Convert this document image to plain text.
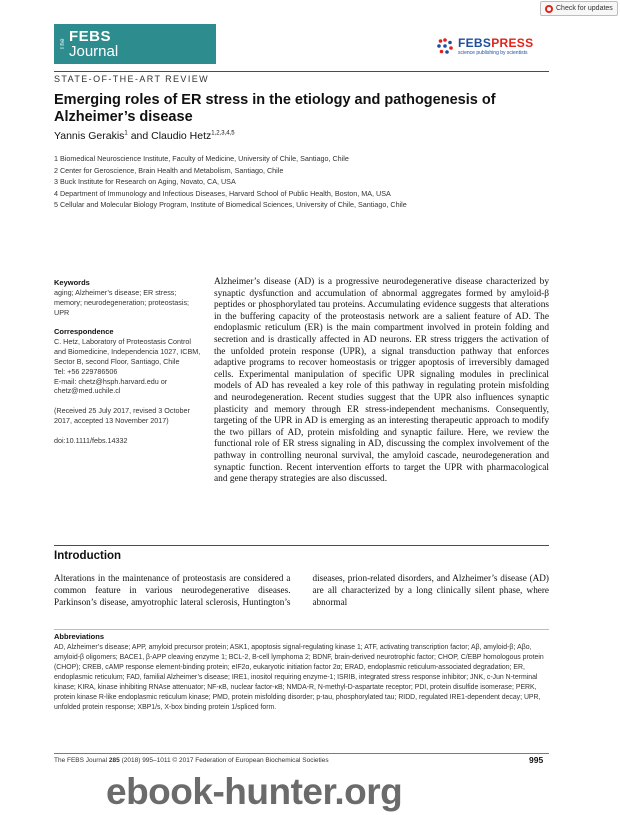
Check for updates
The FEBS
Journal	FEBSPRESS
science publishing by scientists
STATE-OF-THE-ART REVIEW
Emerging roles of ER stress in the etiology and pathogenesis of Alzheimer’s disease
Yannis Gerakis$^1$ and Claudio Hetz$^{1,2,3,4,5}$
1 Biomedical Neuroscience Institute, Faculty of Medicine, University of Chile, Santiago, Chile
2 Center for Geroscience, Brain Health and Metabolism, Santiago, Chile
3 Buck Institute for Research on Aging, Novato, CA, USA
4 Department of Immunology and Infectious Diseases, Harvard School of Public Health, Boston, MA, USA
5 Cellular and Molecular Biology Program, Institute of Biomedical Sciences, University of Chile, Santiago, Chile
Keywords
aging; Alzheimer’s disease; ER stress; memory; neurodegeneration; proteostasis; UPR
Correspondence
C. Hetz, Laboratory of Proteostasis Control and Biomedicine, Independencia 1027, ICBM, Sector B, second Floor, Santiago, Chile
Tel: +56 229786506
E-mail: chetz@hsph.harvard.edu or chetz@med.uchile.cl
(Received 25 July 2017, revised 3 October 2017, accepted 13 November 2017)
doi:10.1111/febs.14332

Alzheimer’s disease (AD) is a progressive neurodegenerative disease characterized by synaptic dysfunction and accumulation of abnormal aggregates formed by amyloid-β peptides or phosphorylated tau proteins. Accumulating evidence suggests that alterations in the buffering capacity of the proteostasis network are a salient feature of AD. The endoplasmic reticulum (ER) is the main compartment involved in protein folding and secretion and is drastically affected in AD neurons. ER stress triggers the activation of the unfolded protein response (UPR), a signal transduction pathway that enforces adaptive programs to recover homeostasis or trigger apoptosis of irreversibly damaged cells. Experimental manipulation of specific UPR signaling modules in preclinical models of AD has revealed a key role of this pathway in regulating protein misfolding and neurodegeneration. Recent studies suggest that the UPR also influences synaptic plasticity and memory through ER stress-independent mechanisms. Consequently, targeting of the UPR in AD is emerging as an interesting therapeutic approach to modify the two pillars of AD, protein misfolding and synaptic failure. Here, we review the functional role of ER stress signaling in AD, discussing the complex involvement of the pathway in controlling neuronal survival, the amyloid cascade, neurodegeneration and synaptic function. Recent intervention efforts to target the UPR with pharmacological and gene therapy strategies are also discussed.

Introduction

Alterations in the maintenance of proteostasis are considered a common feature in various neurodegenerative diseases. Parkinson’s disease, amyotrophic lateral sclerosis, Huntington’s diseases, prion-related disorders, and Alzheimer’s disease (AD) are all characterized by a long clinically silent phase, where abnormal

Abbreviations

AD, Alzheimer’s disease; APP, amyloid precursor protein; ASK1, apoptosis signal-regulating kinase 1; ATF, activating transcription factor; Aβ, amyloid-β; Aβo, amyloid-β oligomers; BACE1, β-APP cleaving enzyme 1; BCL-2, B-cell lymphoma 2; BDNF, brain-derived neurotrophic factor; CHOP, C/EBP homologous protein (CHOP); CREB, cAMP response element-binding protein; eIF2α, eukaryotic initiation factor 2α; ERAD, endoplasmic reticulum-associated degradation; ER, endoplasmic reticulum; FAD, familial Alzheimer’s disease; IRE1, inositol requiring enzyme-1; ISRIB, integrated stress response inhibitor; JNK, c-Jun N-terminal kinase; KIRA, kinase inhibiting RNAse attenuator; NF-κB, nuclear factor-κB; NMDA-R, N-methyl-D-aspartate receptor; PDI, protein disulfide isomerase; PERK, protein kinase R-like endoplasmic reticulum kinase; PMD, protein misfolding disorder; p-tau, phosphorylated tau; RIDD, regulated IRE1-dependent decay; UPR, unfolded protein response; XBP1/s, X-box binding protein 1/spliced form.

The FEBS Journal 285 (2018) 995–1011 © 2017 Federation of European Biochemical Societies	995
ebook-hunter.org
